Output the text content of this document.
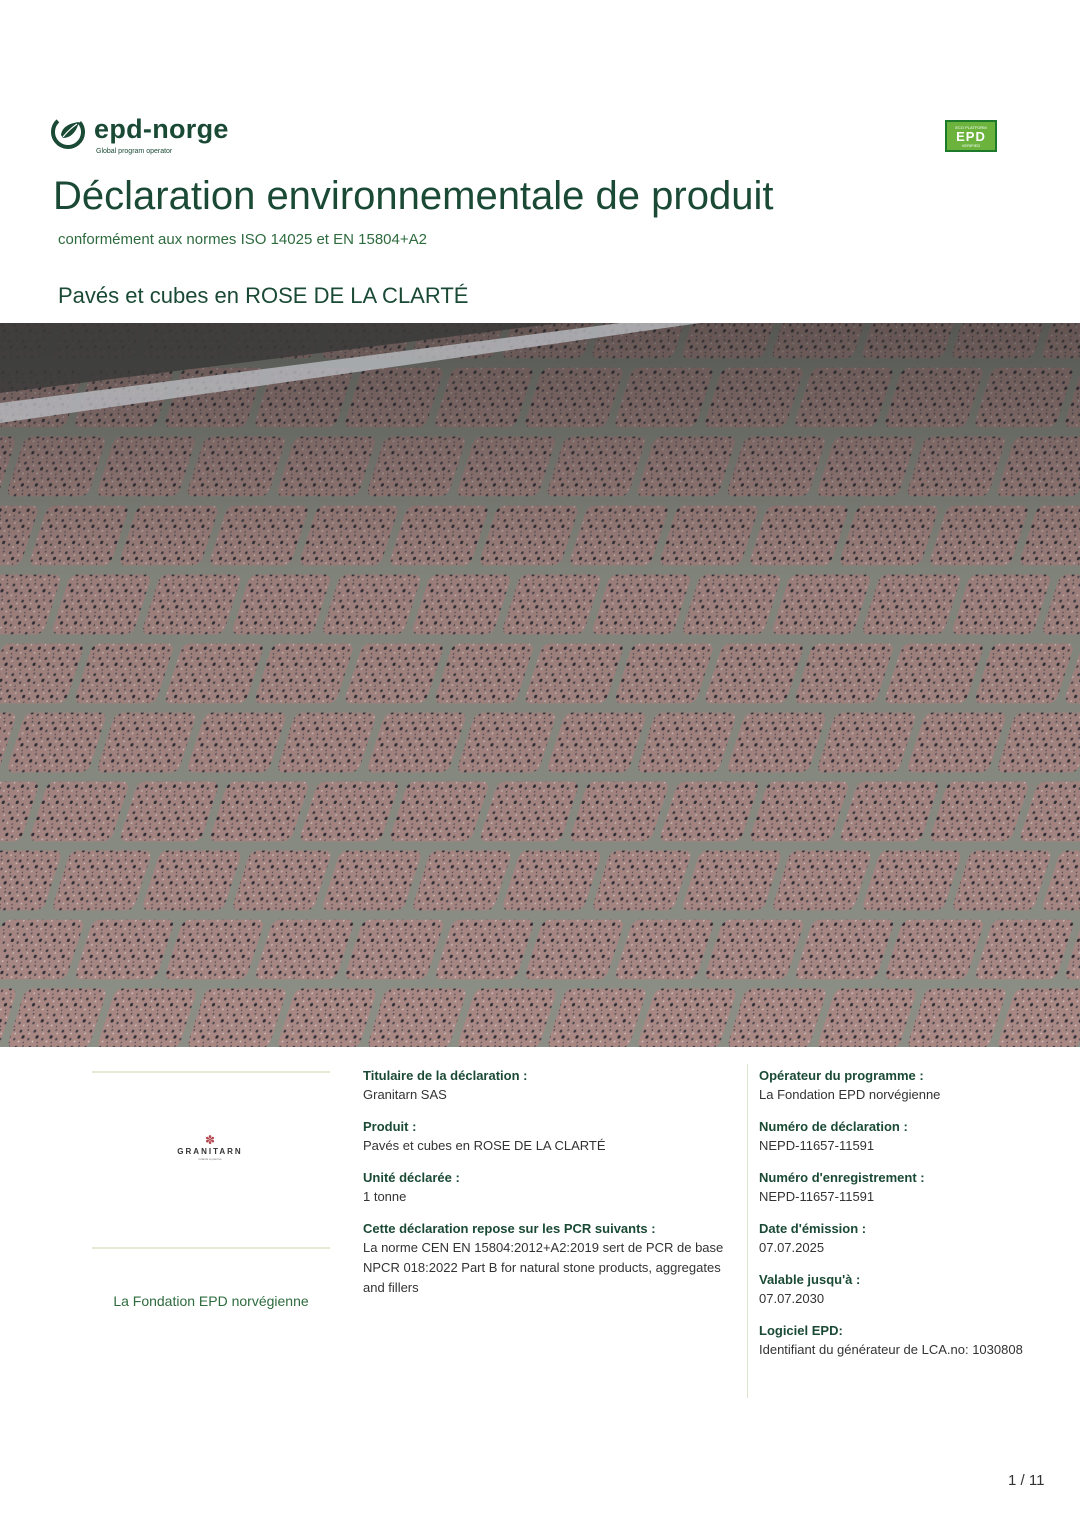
epd-norge
Global program operator
ECO PLATFORM
EPD
VERIFIED
Déclaration environnementale de produit
conformément aux normes ISO 14025 et EN 15804+A2
Pavés et cubes en ROSE DE LA CLARTÉ
✽
GRANITARN
Granits et pierres
La Fondation EPD norvégienne
Titulaire de la déclaration :
Granitarn SAS
Produit :
Pavés et cubes en ROSE DE LA CLARTÉ
Unité déclarée :
1 tonne
Cette déclaration repose sur les PCR suivants :
La norme CEN EN 15804:2012+A2:2019 sert de PCR de base
NPCR 018:2022 Part B for natural stone products, aggregates and fillers
Opérateur du programme :
La Fondation EPD norvégienne
Numéro de déclaration :
NEPD-11657-11591
Numéro d'enregistrement :
NEPD-11657-11591
Date d'émission :
07.07.2025
Valable jusqu'à :
07.07.2030
Logiciel EPD:
Identifiant du générateur de LCA.no: 1030808
1 / 11
